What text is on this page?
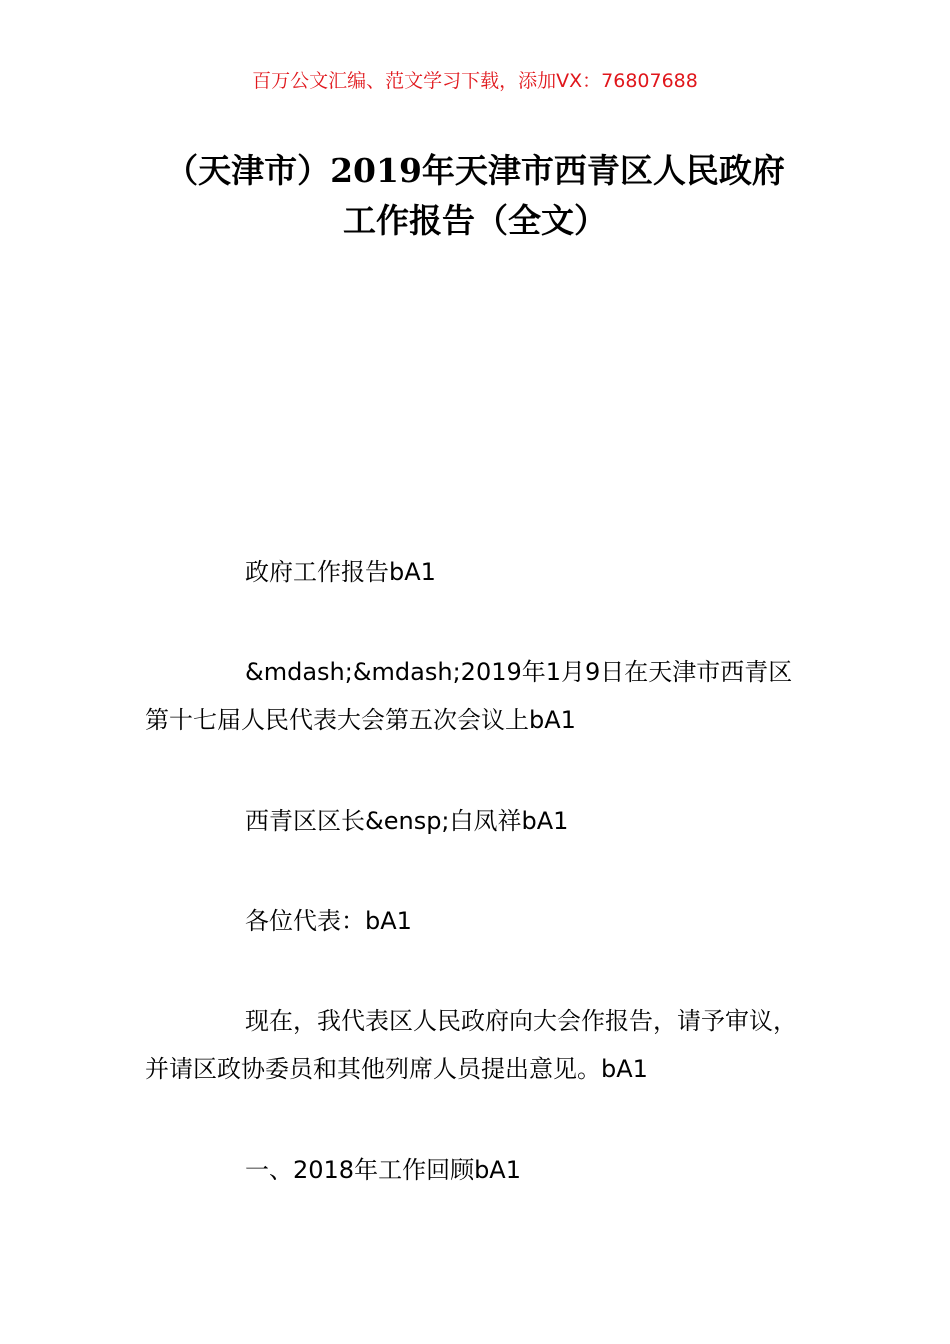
百万公文汇编、范文学习下载，添加VX：76807688
（天津市）2019年天津市西青区人民政府
工作报告（全文）

政府工作报告bA1

&mdash;&mdash;2019年1月9日在天津市西青区第十七届人民代表大会第五次会议上bA1

西青区区长&ensp;白凤祥bA1

各位代表：bA1

现在，我代表区人民政府向大会作报告，请予审议，并请区政协委员和其他列席人员提出意见。bA1

一、2018年工作回顾bA1
